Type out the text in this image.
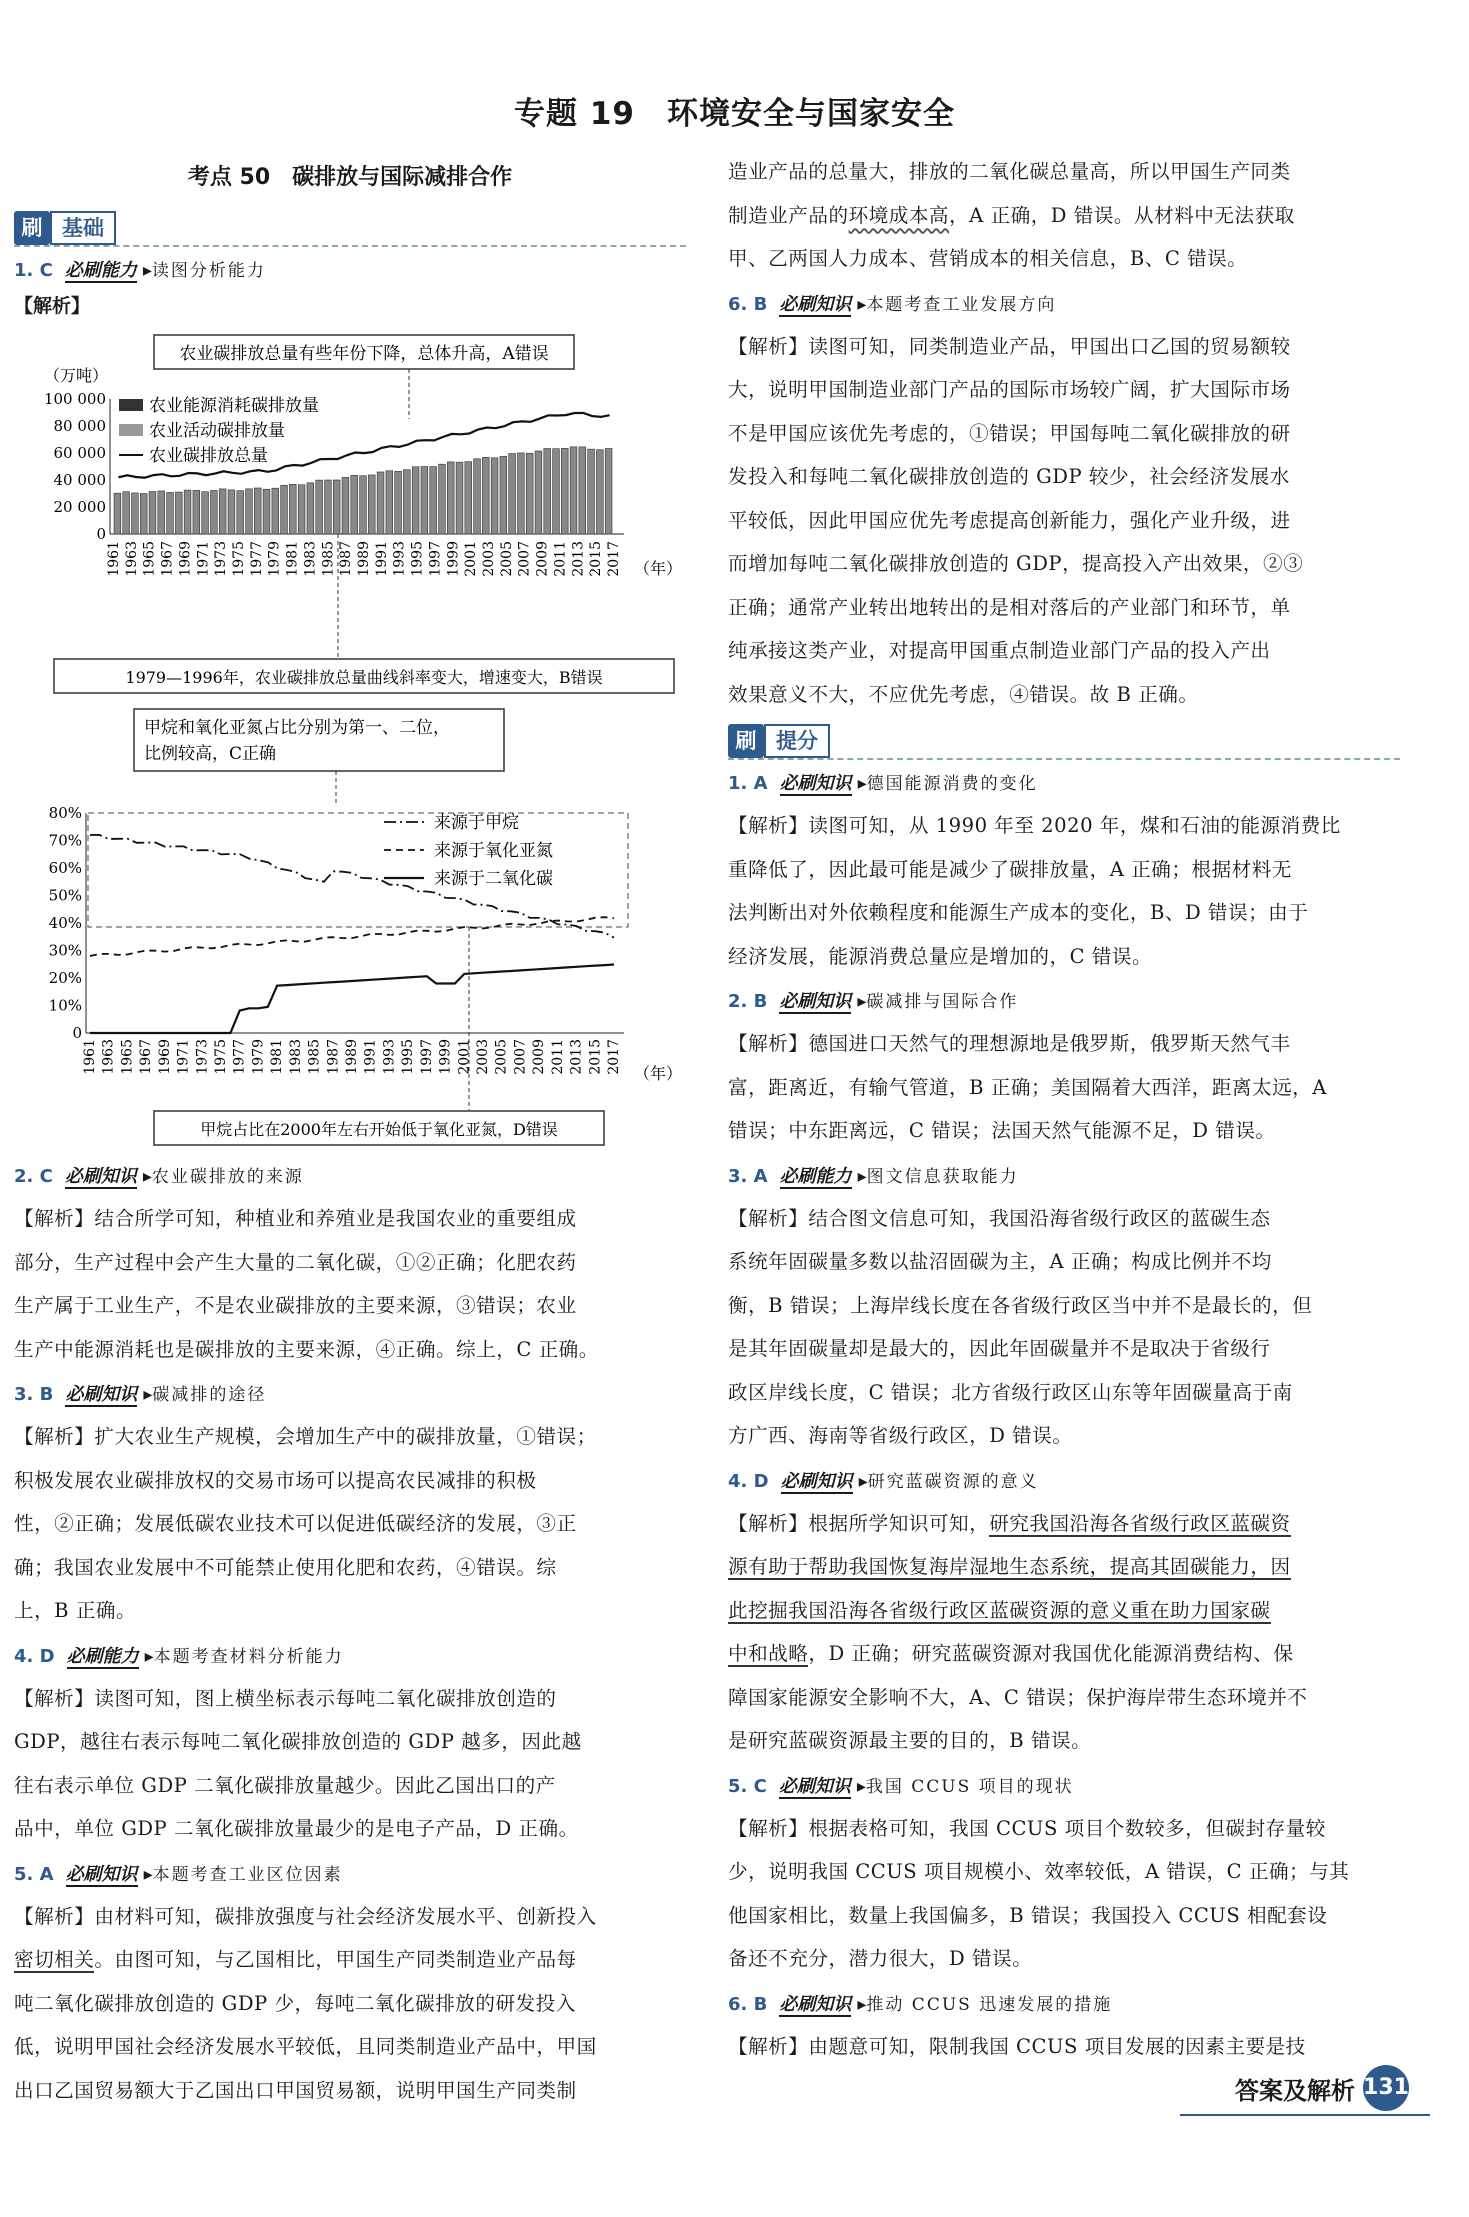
专题 19　环境安全与国家安全
考点 50　碳排放与国际减排合作
刷 基础
1. C 必刷能力 ▸读图分析能力
【解析】
农业碳排放总量有些年份下降，总体升高，A错误
（万吨）
100 000
80 000
60 000
40 000
20 000
0
农业能源消耗碳排放量
农业活动碳排放量
农业碳排放总量
1961 1963 1965 1967 1969 1971 1973 1975 1977 1979 1981 1983 1985 1987 1989 1991 1993 1995 1997 1999 2001 2003 2005 2007 2009 2011 2013 2015 2017 （年）
1979—1996年，农业碳排放总量曲线斜率变大，增速变大，B错误
甲烷和氧化亚氮占比分别为第一、二位，
比例较高，C正确
80%
70%
60%
50%
40%
30%
20%
10%
0
来源于甲烷
来源于氧化亚氮
来源于二氧化碳
1961 1963 1965 1967 1969 1971 1973 1975 1977 1979 1981 1983 1985 1987 1989 1991 1993 1995 1997 1999 2001 2003 2005 2007 2009 2011 2013 2015 2017 （年）
甲烷占比在2000年左右开始低于氧化亚氮，D错误
2. C 必刷知识 ▸农业碳排放的来源
【解析】结合所学可知，种植业和养殖业是我国农业的重要组成
部分，生产过程中会产生大量的二氧化碳，①②正确；化肥农药
生产属于工业生产，不是农业碳排放的主要来源，③错误；农业
生产中能源消耗也是碳排放的主要来源，④正确。综上，C 正确。
3. B 必刷知识 ▸碳减排的途径
【解析】扩大农业生产规模，会增加生产中的碳排放量，①错误；
积极发展农业碳排放权的交易市场可以提高农民减排的积极
性，②正确；发展低碳农业技术可以促进低碳经济的发展，③正
确；我国农业发展中不可能禁止使用化肥和农药，④错误。综
上，B 正确。
4. D 必刷能力 ▸本题考查材料分析能力
【解析】读图可知，图上横坐标表示每吨二氧化碳排放创造的
GDP，越往右表示每吨二氧化碳排放创造的 GDP 越多，因此越
往右表示单位 GDP 二氧化碳排放量越少。因此乙国出口的产
品中，单位 GDP 二氧化碳排放量最少的是电子产品，D 正确。
5. A 必刷知识 ▸本题考查工业区位因素
【解析】由材料可知，碳排放强度与社会经济发展水平、创新投入
密切相关。由图可知，与乙国相比，甲国生产同类制造业产品每
吨二氧化碳排放创造的 GDP 少，每吨二氧化碳排放的研发投入
低，说明甲国社会经济发展水平较低，且同类制造业产品中，甲国
出口乙国贸易额大于乙国出口甲国贸易额，说明甲国生产同类制
造业产品的总量大，排放的二氧化碳总量高，所以甲国生产同类
制造业产品的环境成本高，A 正确，D 错误。从材料中无法获取
甲、乙两国人力成本、营销成本的相关信息，B、C 错误。
6. B 必刷知识 ▸本题考查工业发展方向
【解析】读图可知，同类制造业产品，甲国出口乙国的贸易额较
大，说明甲国制造业部门产品的国际市场较广阔，扩大国际市场
不是甲国应该优先考虑的，①错误；甲国每吨二氧化碳排放的研
发投入和每吨二氧化碳排放创造的 GDP 较少，社会经济发展水
平较低，因此甲国应优先考虑提高创新能力，强化产业升级，进
而增加每吨二氧化碳排放创造的 GDP，提高投入产出效果，②③
正确；通常产业转出地转出的是相对落后的产业部门和环节，单
纯承接这类产业，对提高甲国重点制造业部门产品的投入产出
效果意义不大，不应优先考虑，④错误。故 B 正确。
刷 提分
1. A 必刷知识 ▸德国能源消费的变化
【解析】读图可知，从 1990 年至 2020 年，煤和石油的能源消费比
重降低了，因此最可能是减少了碳排放量，A 正确；根据材料无
法判断出对外依赖程度和能源生产成本的变化，B、D 错误；由于
经济发展，能源消费总量应是增加的，C 错误。
2. B 必刷知识 ▸碳减排与国际合作
【解析】德国进口天然气的理想源地是俄罗斯，俄罗斯天然气丰
富，距离近，有输气管道，B 正确；美国隔着大西洋，距离太远，A
错误；中东距离远，C 错误；法国天然气能源不足，D 错误。
3. A 必刷能力 ▸图文信息获取能力
【解析】结合图文信息可知，我国沿海省级行政区的蓝碳生态
系统年固碳量多数以盐沼固碳为主，A 正确；构成比例并不均
衡，B 错误；上海岸线长度在各省级行政区当中并不是最长的，但
是其年固碳量却是最大的，因此年固碳量并不是取决于省级行
政区岸线长度，C 错误；北方省级行政区山东等年固碳量高于南
方广西、海南等省级行政区，D 错误。
4. D 必刷知识 ▸研究蓝碳资源的意义
【解析】根据所学知识可知，研究我国沿海各省级行政区蓝碳资
源有助于帮助我国恢复海岸湿地生态系统，提高其固碳能力，因
此挖掘我国沿海各省级行政区蓝碳资源的意义重在助力国家碳
中和战略，D 正确；研究蓝碳资源对我国优化能源消费结构、保
障国家能源安全影响不大，A、C 错误；保护海岸带生态环境并不
是研究蓝碳资源最主要的目的，B 错误。
5. C 必刷知识 ▸我国 CCUS 项目的现状
【解析】根据表格可知，我国 CCUS 项目个数较多，但碳封存量较
少，说明我国 CCUS 项目规模小、效率较低，A 错误，C 正确；与其
他国家相比，数量上我国偏多，B 错误；我国投入 CCUS 相配套设
备还不充分，潜力很大，D 错误。
6. B 必刷知识 ▸推动 CCUS 迅速发展的措施
【解析】由题意可知，限制我国 CCUS 项目发展的因素主要是技
答案及解析 131
